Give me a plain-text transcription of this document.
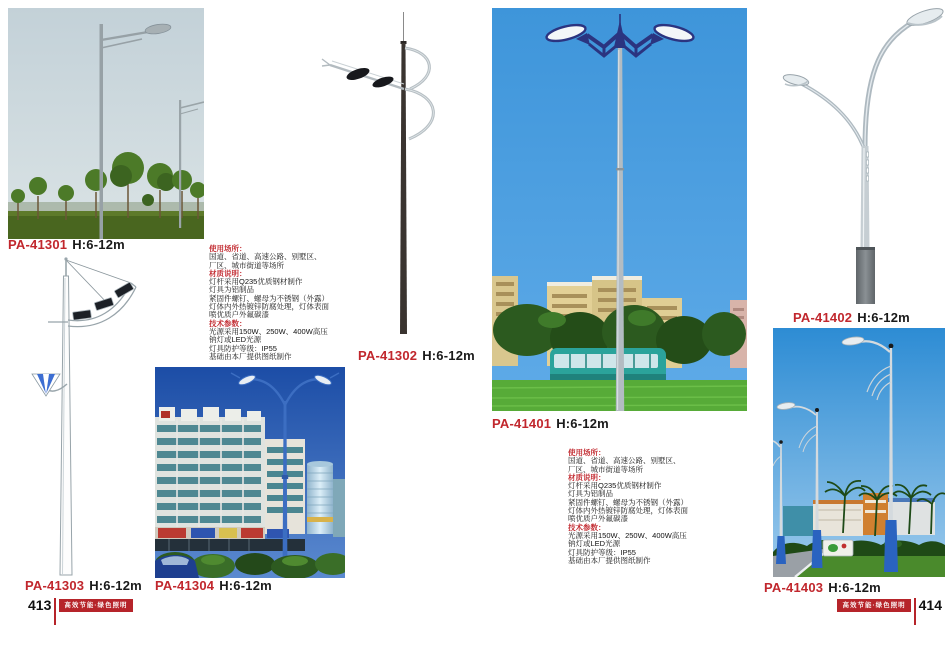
PA-41301 H:6-12m
PA-41302 H:6-12m
PA-41303 H:6-12m PA-41304 H:6-12m
使用场所：
国道、省道、高速公路、别墅区、
厂区、城市街道等场所
材质说明：
灯杆采用Q235优质钢材制作
灯具为铝制品
紧固件螺钉、螺母为不锈钢（外露）
灯体内外热镀锌防腐处理，灯体表面
喷优质户外氟碳漆
技术参数：
光源采用150W、250W、400W高压
钠灯或LED光源
灯具防护等级：IP55
基础由本厂提供图纸制作
PA-41401 H:6-12m
使用场所：
国道、省道、高速公路、别墅区、
厂区、城市街道等场所
材质说明：
灯杆采用Q235优质钢材制作
灯具为铝制品
紧固件螺钉、螺母为不锈钢（外露）
灯体内外热镀锌防腐处理，灯体表面
喷优质户外氟碳漆
技术参数：
光源采用150W、250W、400W高压
钠灯或LED光源
灯具防护等级：IP55
基础由本厂提供图纸制作
PA-41402 H:6-12m
PA-41403 H:6-12m
413	高效节能·绿色照明	高效节能·绿色照明 414
